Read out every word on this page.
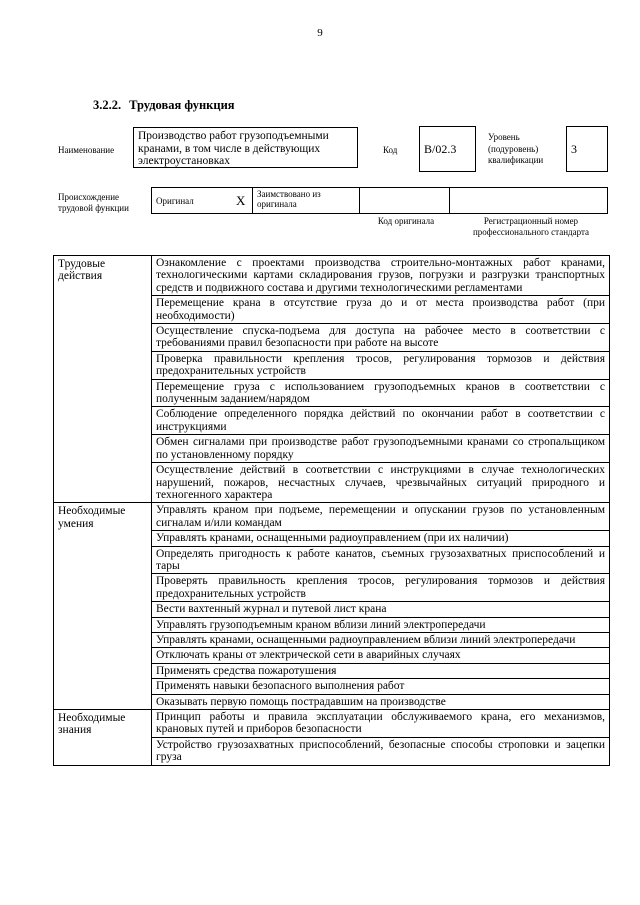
9
3.2.2. Трудовая функция
Наименование
Производство работ грузоподъемными кранами, в том числе в действующих электроустановках
Код	B/02.3
Уровень
(подуровень)
квалификации
3
Происхождение
трудовой функции
Оригинал	X	Заимствовано из
оригинала

Код оригинала	Регистрационный номер
профессионального стандарта
Трудовые действия	Ознакомление с проектами производства строительно-монтажных работ кранами, технологическими картами складирования грузов, погрузки и разгрузки транспортных средств и подвижного состава и другими технологическими регламентами
	Перемещение крана в отсутствие груза до и от места производства работ (при необходимости)
	Осуществление спуска-подъема для доступа на рабочее место в соответствии с требованиями правил безопасности при работе на высоте
	Проверка правильности крепления тросов, регулирования тормозов и действия предохранительных устройств
	Перемещение груза с использованием грузоподъемных кранов в соответствии с полученным заданием/нарядом
	Соблюдение определенного порядка действий по окончании работ в соответствии с инструкциями
	Обмен сигналами при производстве работ грузоподъемными кранами со стропальщиком по установленному порядку
	Осуществление действий в соответствии с инструкциями в случае технологических нарушений, пожаров, несчастных случаев, чрезвычайных ситуаций природного и техногенного характера
Необходимые умения	Управлять краном при подъеме, перемещении и опускании грузов по установленным сигналам и/или командам
	Управлять кранами, оснащенными радиоуправлением (при их наличии)
	Определять пригодность к работе канатов, съемных грузозахватных приспособлений и тары
	Проверять правильность крепления тросов, регулирования тормозов и действия предохранительных устройств
	Вести вахтенный журнал и путевой лист крана
	Управлять грузоподъемным краном вблизи линий электропередачи
	Управлять кранами, оснащенными радиоуправлением вблизи линий электропередачи
	Отключать краны от электрической сети в аварийных случаях
	Применять средства пожаротушения
	Применять навыки безопасного выполнения работ
	Оказывать первую помощь пострадавшим на производстве
Необходимые знания	Принцип работы и правила эксплуатации обслуживаемого крана, его механизмов, крановых путей и приборов безопасности
	Устройство грузозахватных приспособлений, безопасные способы строповки и зацепки груза
